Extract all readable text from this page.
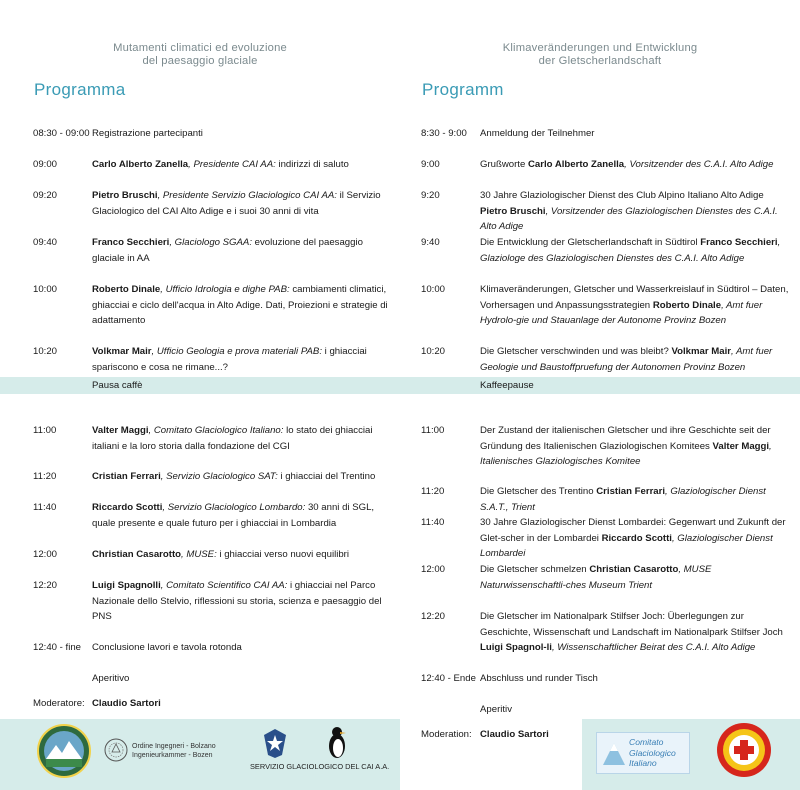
Pausa caffè	Kaffeepause
Mutamenti climatici ed evoluzione
del paesaggio glaciale
Programma
08:30 - 09:00 Registrazione partecipanti
09:00	Carlo Alberto Zanella, Presidente CAI AA: indirizzi di saluto
09:20	Pietro Bruschi, Presidente Servizio Glaciologico CAI AA: il Servizio Glaciologico del CAI Alto Adige e i suoi 30 anni di vita
09:40	Franco Secchieri, Glaciologo SGAA: evoluzione del paesaggio glaciale in AA
10:00	Roberto Dinale, Ufficio Idrologia e dighe PAB: cambiamenti climatici, ghiacciai e ciclo dell'acqua in Alto Adige. Dati, Proiezioni e strategie di adattamento
10:20	Volkmar Mair, Ufficio Geologia e prova materiali PAB: i ghiacciai spariscono e cosa ne rimane...?
11:00	Valter Maggi, Comitato Glaciologico Italiano: lo stato dei ghiacciai italiani e la loro storia dalla fondazione del CGI
11:20	Cristian Ferrari, Servizio Glaciologico SAT: i ghiacciai del Trentino
11:40	Riccardo Scotti, Servizio Glaciologico Lombardo: 30 anni di SGL, quale presente e quale futuro per i ghiacciai in Lombardia
12:00	Christian Casarotto, MUSE: i ghiacciai verso nuovi equilibri
12:20	Luigi Spagnolli, Comitato Scientifico CAI AA: i ghiacciai nel Parco Nazionale dello Stelvio, riflessioni su storia, scienza e paesaggio del PNS
12:40 - fine Conclusione lavori e tavola rotonda
Aperitivo
Moderatore: Claudio Sartori
Ordine Ingegneri - Bolzano
Ingenieurkammer - Bozen
SERVIZIO GLACIOLOGICO DEL CAI A.A.
Klimaveränderungen und Entwicklung
der Gletscherlandschaft
Programm
8:30 - 9:00 Anmeldung der Teilnehmer
9:00	Grußworte Carlo Alberto Zanella, Vorsitzender des C.A.I. Alto Adige
9:20	30 Jahre Glaziologischer Dienst des Club Alpino Italiano Alto Adige Pietro Bruschi, Vorsitzender des Glaziologischen Dienstes des C.A.I. Alto Adige
9:40	Die Entwicklung der Gletscherlandschaft in Südtirol Franco Secchieri, Glaziologe des Glaziologischen Dienstes des C.A.I. Alto Adige
10:00	Klimaveränderungen, Gletscher und Wasserkreislauf in Südtirol – Daten, Vorhersagen und Anpassungsstrategien Roberto Dinale, Amt fuer Hydrolo-gie und Stauanlage der Autonome Provinz Bozen
10:20	Die Gletscher verschwinden und was bleibt? Volkmar Mair, Amt fuer Geologie und Baustoffpruefung der Autonomen Provinz Bozen
11:00	Der Zustand der italienischen Gletscher und ihre Geschichte seit der Gründung des Italienischen Glaziologischen Komitees Valter Maggi, Italienisches Glaziologisches Komitee
11:20	Die Gletscher des Trentino Cristian Ferrari, Glaziologischer Dienst S.A.T., Trient
11:40	30 Jahre Glaziologischer Dienst Lombardei: Gegenwart und Zukunft der Glet-scher in der Lombardei Riccardo Scotti, Glaziologischer Dienst Lombardei
12:00	Die Gletscher schmelzen Christian Casarotto, MUSE Naturwissenschaftli-ches Museum Trient
12:20	Die Gletscher im Nationalpark Stilfser Joch: Überlegungen zur Geschichte, Wissenschaft und Landschaft im Nationalpark Stilfser Joch Luigi Spagnol-li, Wissenschaftlicher Beirat des C.A.I. Alto Adige
12:40 - Ende Abschluss und runder Tisch
Aperitiv
Moderation: Claudio Sartori
Comitato
Glaciologico
Italiano
